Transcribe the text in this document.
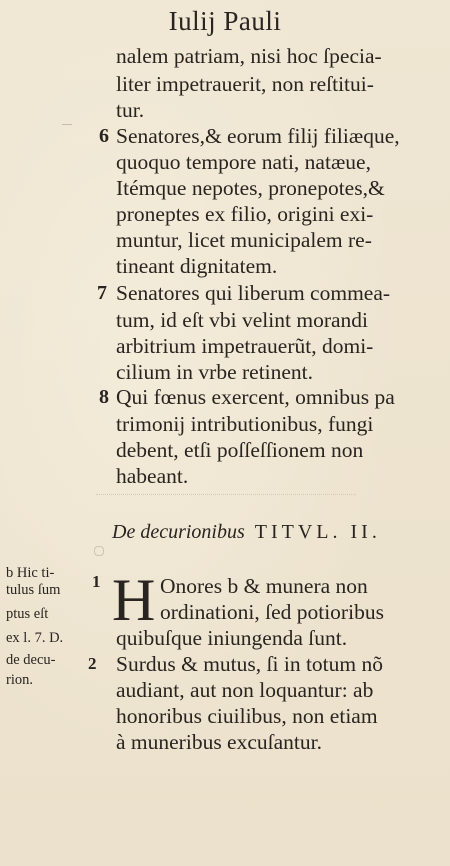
Iulij Pauli
nalem patriam, nisi hoc ſpecia-
liter impetrauerit, non reſtitui-
tur.
6 Senatores,& eorum filij filiæque,
quoquo tempore nati, natæue,
Itémque nepotes, pronepotes,&
proneptes ex filio, origini exi-
muntur, licet municipalem re-
tineant dignitatem.
7 Senatores qui liberum commea-
tum, id eſt vbi velint morandi
arbitrium impetrauerũt, domi-
cilium in vrbe retinent.
8 Qui fœnus exercent, omnibus pa
trimonij intributionibus, fungi
debent, etſi poſſeſſionem non
habeant.
De decurionibus TITVL. II.
b Hic ti-
tulus ſum
ptus eſt
ex l. 7. D.
de decu-
rion.
1
2
H Onores b & munera non
ordinationi, ſed potioribus
quibuſque iniungenda ſunt.
Surdus & mutus, ſi in totum nõ
audiant, aut non loquantur: ab
honoribus ciuilibus, non etiam
à muneribus excuſantur.
